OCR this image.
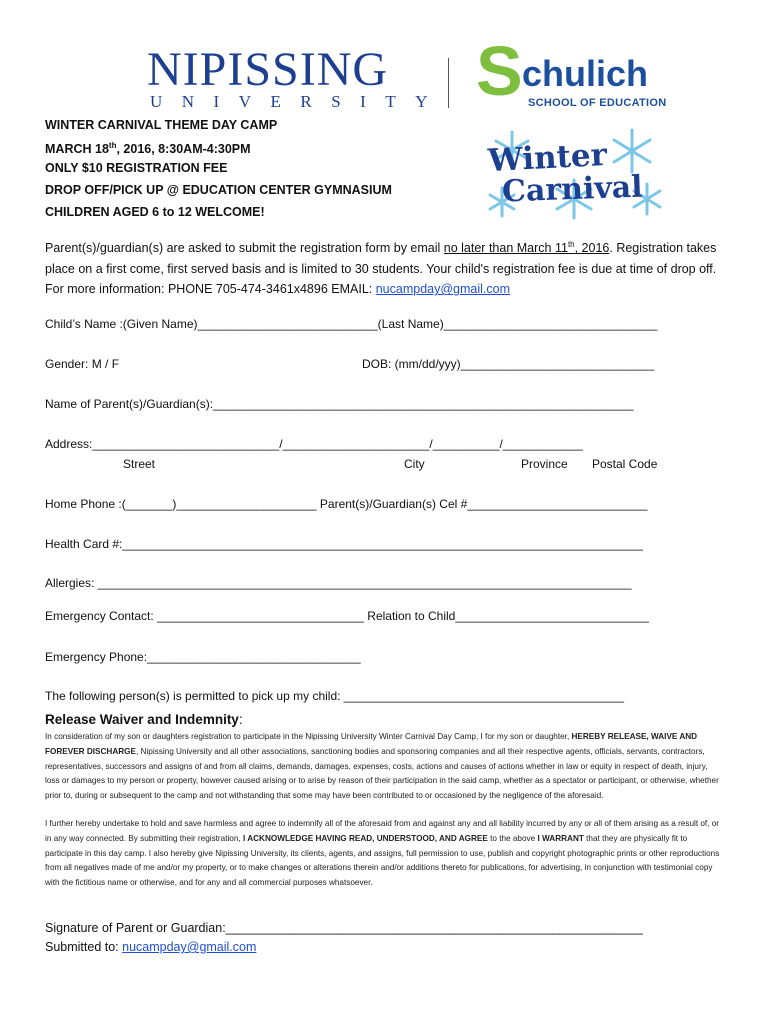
NIPISSING
UNIVERSITY S chulich
SCHOOL OF EDUCATION
Winter
Carnival
WINTER CARNIVAL THEME DAY CAMP
MARCH 18th, 2016, 8:30AM-4:30PM
ONLY $10 REGISTRATION FEE
DROP OFF/PICK UP @ EDUCATION CENTER GYMNASIUM
CHILDREN AGED 6 to 12 WELCOME!
Parent(s)/guardian(s) are asked to submit the registration form by email no later than March 11th, 2016. Registration takes place on a first come, first served basis and is limited to 30 students. Your child's registration fee is due at time of drop off. For more information: PHONE 705-474-3461x4896 EMAIL: nucampday@gmail.com
Child’s Name :(Given Name)___________________________(Last Name)________________________________
Gender: M / F	DOB: (mm/dd/yyy)_____________________________
Name of Parent(s)/Guardian(s):_______________________________________________________________
Address:____________________________/______________________/__________/____________
Street	City	Province Postal Code
Home Phone :(_______)_____________________ Parent(s)/Guardian(s) Cel #___________________________
Health Card #:______________________________________________________________________________
Allergies: ________________________________________________________________________________
Emergency Contact: _______________________________ Relation to Child_____________________________
Emergency Phone:________________________________
The following person(s) is permitted to pick up my child: __________________________________________
Release Waiver and Indemnity:
In consideration of my son or daughters registration to participate in the Nipissing University Winter Carnival Day Camp, I for my son or daughter, HEREBY RELEASE, WAIVE AND FOREVER DISCHARGE, Nipissing University and all other associations, sanctioning bodies and sponsoring companies and all their respective agents, officials, servants, contractors, representatives, successors and assigns of and from all claims, demands, damages, expenses, costs, actions and causes of actions whether in law or equity in respect of death, injury, loss or damages to my person or property, however caused arising or to arise by reason of their participation in the said camp, whether as a spectator or participant, or otherwise, whether prior to, during or subsequent to the camp and not withstanding that some may have been contributed to or occasioned by the negligence of the aforesaid.
I further hereby undertake to hold and save harmless and agree to indemnify all of the aforesaid from and against any and all liability incurred by any or all of them arising as a result of, or in any way connected. By submitting their registration, I ACKNOWLEDGE HAVING READ, UNDERSTOOD, AND AGREE to the above I WARRANT that they are physically fit to participate in this day camp. I also hereby give Nipissing University, its clients, agents, and assigns, full permission to use, publish and copyright photographic prints or other reproductions from all negatives made of me and/or my property, or to make changes or alterations therein and/or additions thereto for publications, for advertising, in conjunction with testimonial copy with the fictitious name or otherwise, and for any and all commercial purposes whatsoever.
Signature of Parent or Guardian:____________________________________________________________
Submitted to: nucampday@gmail.com
